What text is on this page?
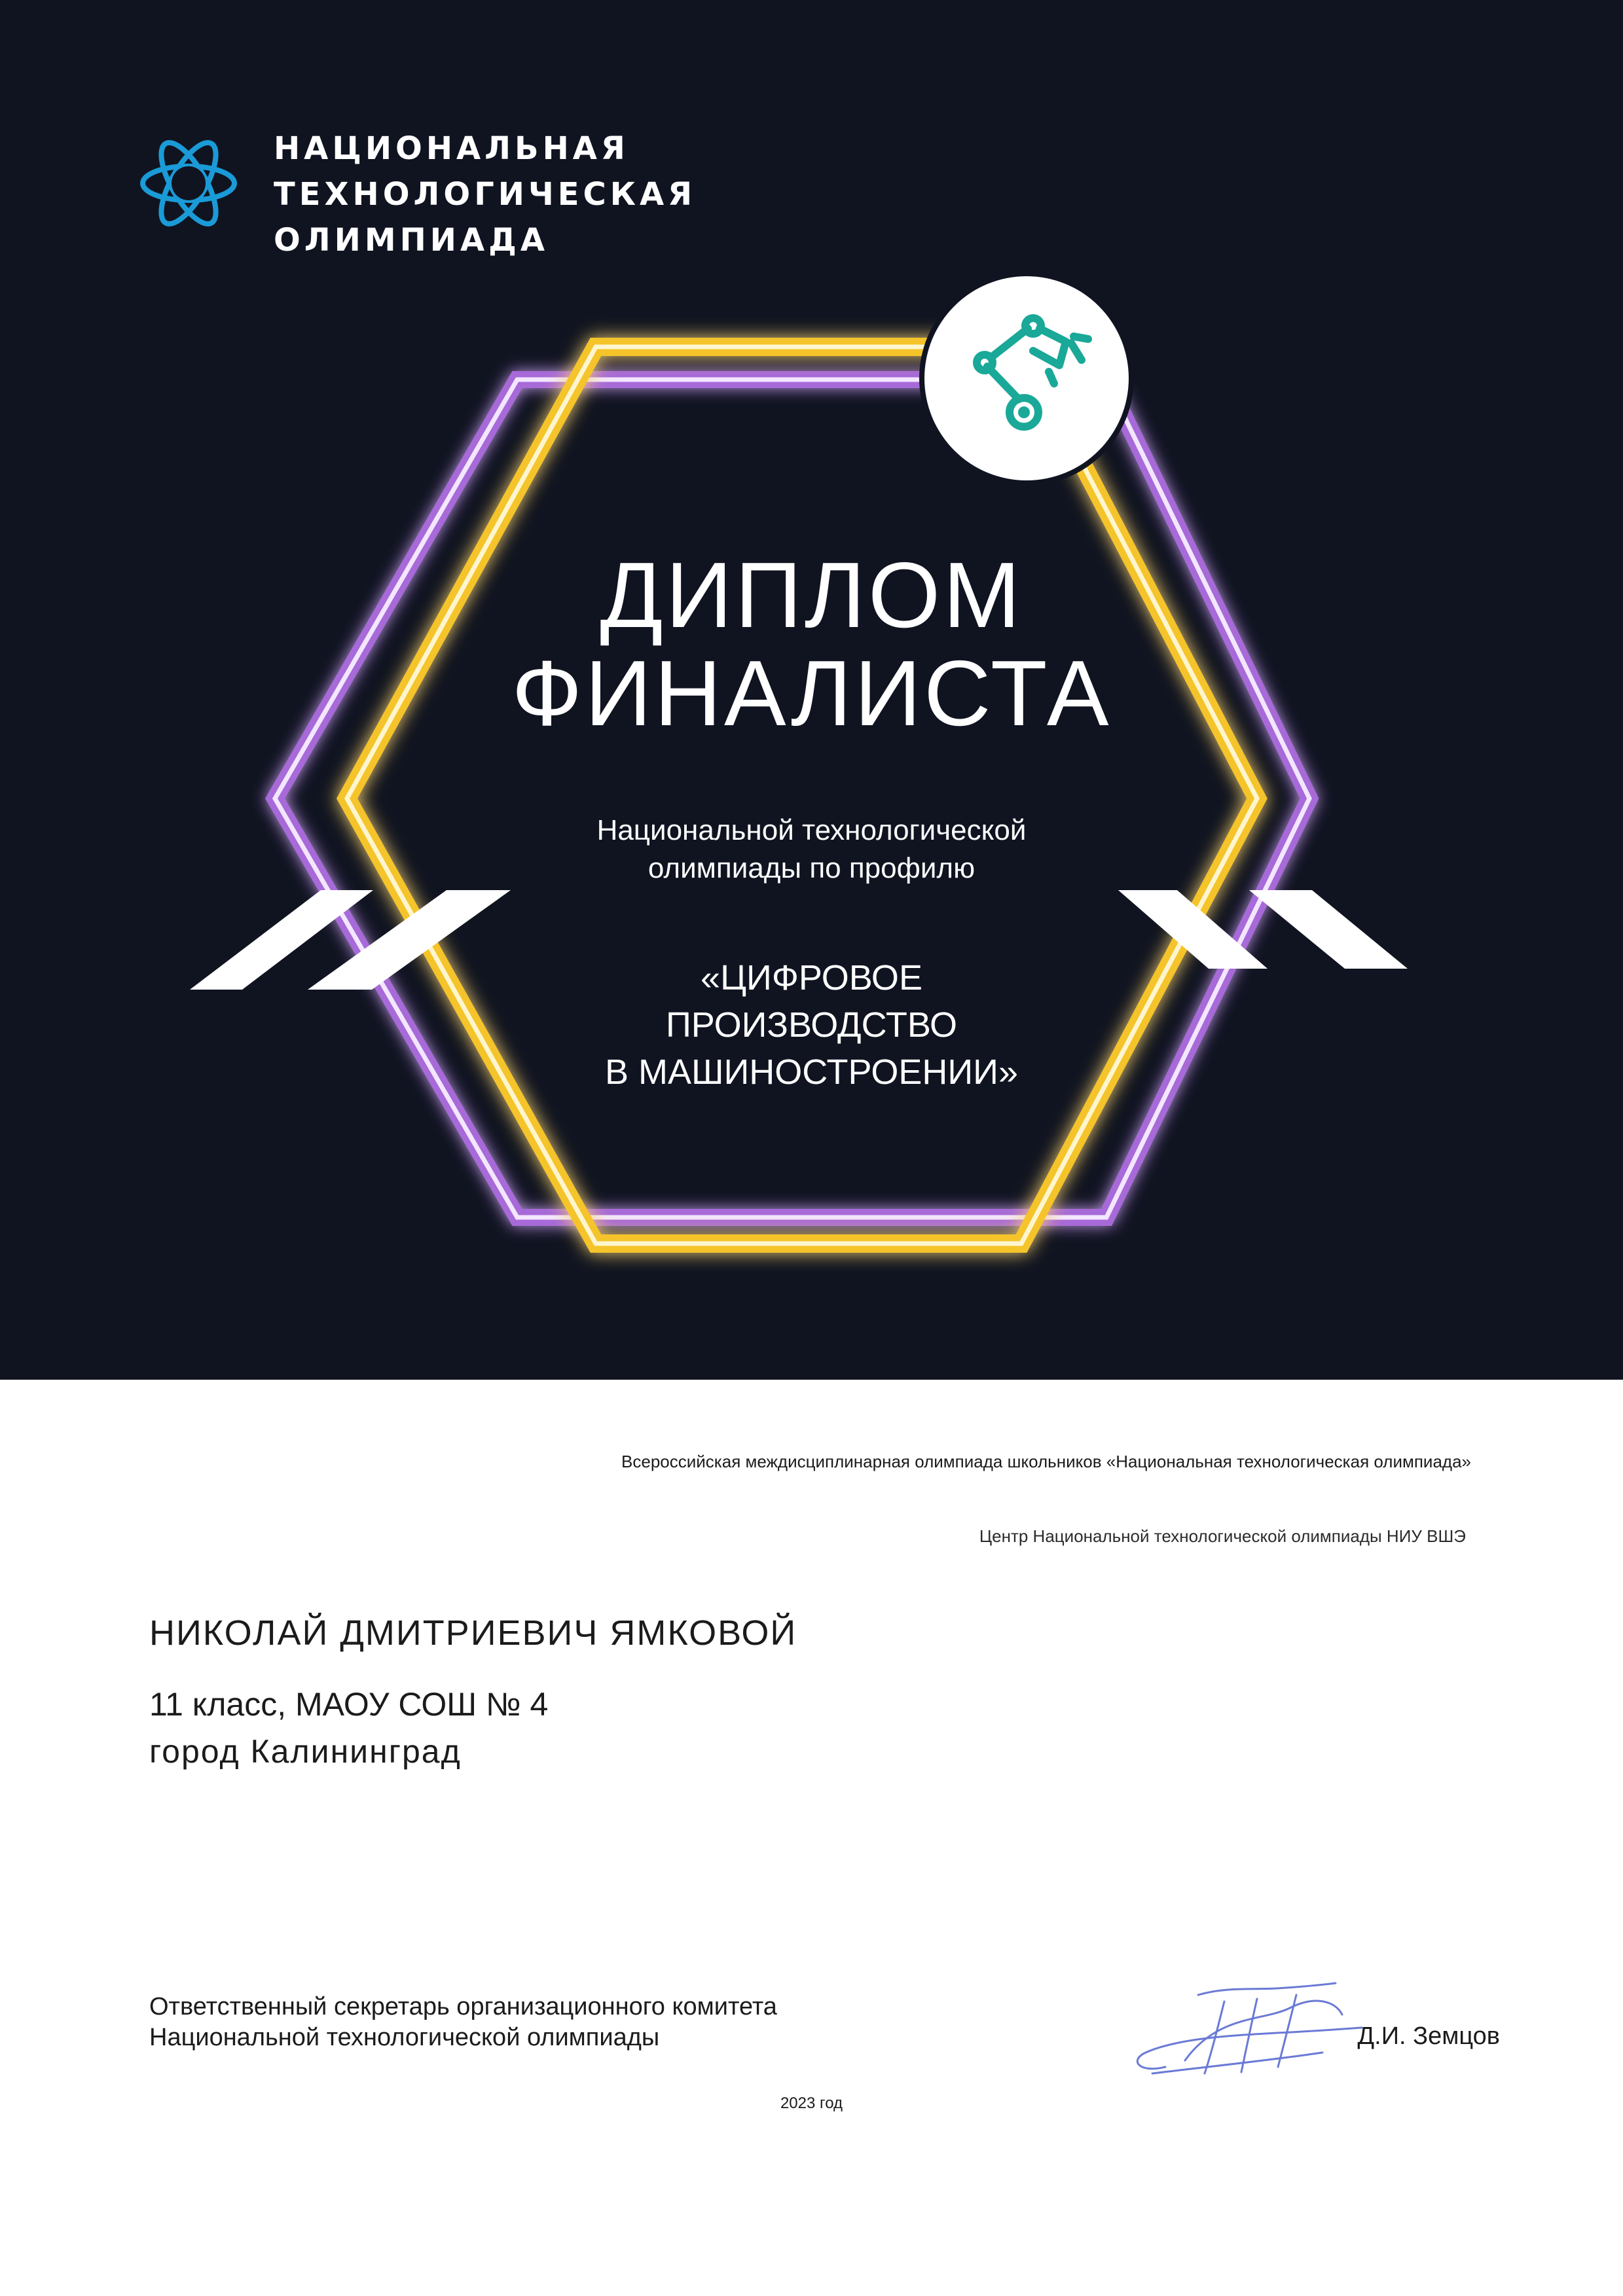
НАЦИОНАЛЬНАЯ
ТЕХНОЛОГИЧЕСКАЯ
ОЛИМПИАДА
ДИПЛОМ
ФИНАЛИСТА
Национальной технологической
олимпиады по профилю
«ЦИФРОВОЕ
ПРОИЗВОДСТВО
В МАШИНОСТРОЕНИИ»
Всероссийская междисциплинарная олимпиада школьников «Национальная технологическая олимпиада»
Центр Национальной технологической олимпиады НИУ ВШЭ
НИКОЛАЙ ДМИТРИЕВИЧ ЯМКОВОЙ
11 класс, МАОУ СОШ № 4
город Калининград
Ответственный секретарь организационного комитета
Национальной технологической олимпиады	Д.И. Земцов
2023 год
